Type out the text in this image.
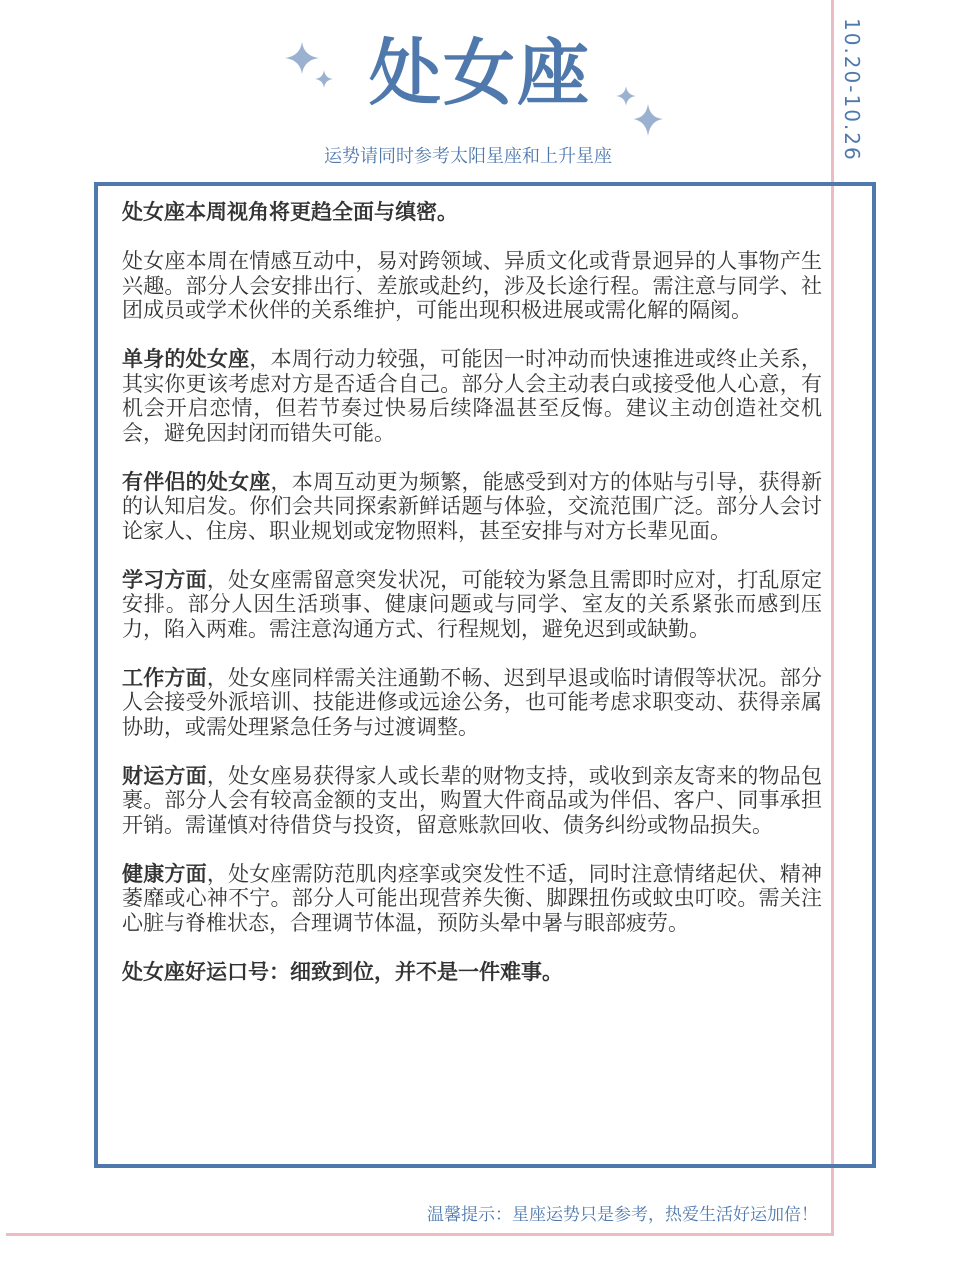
处女座
运势请同时参考太阳星座和上升星座	10.20-10.26

处女座本周视角将更趋全面与缜密。

处女座本周在情感互动中，易对跨领域、异质文化或背景迥异的人事物产生兴趣。部分人会安排出行、差旅或赴约，涉及长途行程。需注意与同学、社团成员或学术伙伴的关系维护，可能出现积极进展或需化解的隔阂。

单身的处女座，本周行动力较强，可能因一时冲动而快速推进或终止关系，其实你更该考虑对方是否适合自己。部分人会主动表白或接受他人心意，有机会开启恋情，但若节奏过快易后续降温甚至反悔。建议主动创造社交机会，避免因封闭而错失可能。

有伴侣的处女座，本周互动更为频繁，能感受到对方的体贴与引导，获得新的认知启发。你们会共同探索新鲜话题与体验，交流范围广泛。部分人会讨论家人、住房、职业规划或宠物照料，甚至安排与对方长辈见面。

学习方面，处女座需留意突发状况，可能较为紧急且需即时应对，打乱原定安排。部分人因生活琐事、健康问题或与同学、室友的关系紧张而感到压力，陷入两难。需注意沟通方式、行程规划，避免迟到或缺勤。

工作方面，处女座同样需关注通勤不畅、迟到早退或临时请假等状况。部分人会接受外派培训、技能进修或远途公务，也可能考虑求职变动、获得亲属协助，或需处理紧急任务与过渡调整。

财运方面，处女座易获得家人或长辈的财物支持，或收到亲友寄来的物品包裹。部分人会有较高金额的支出，购置大件商品或为伴侣、客户、同事承担开销。需谨慎对待借贷与投资，留意账款回收、债务纠纷或物品损失。

健康方面，处女座需防范肌肉痉挛或突发性不适，同时注意情绪起伏、精神萎靡或心神不宁。部分人可能出现营养失衡、脚踝扭伤或蚊虫叮咬。需关注心脏与脊椎状态，合理调节体温，预防头晕中暑与眼部疲劳。

处女座好运口号：细致到位，并不是一件难事。

温馨提示：星座运势只是参考，热爱生活好运加倍！
